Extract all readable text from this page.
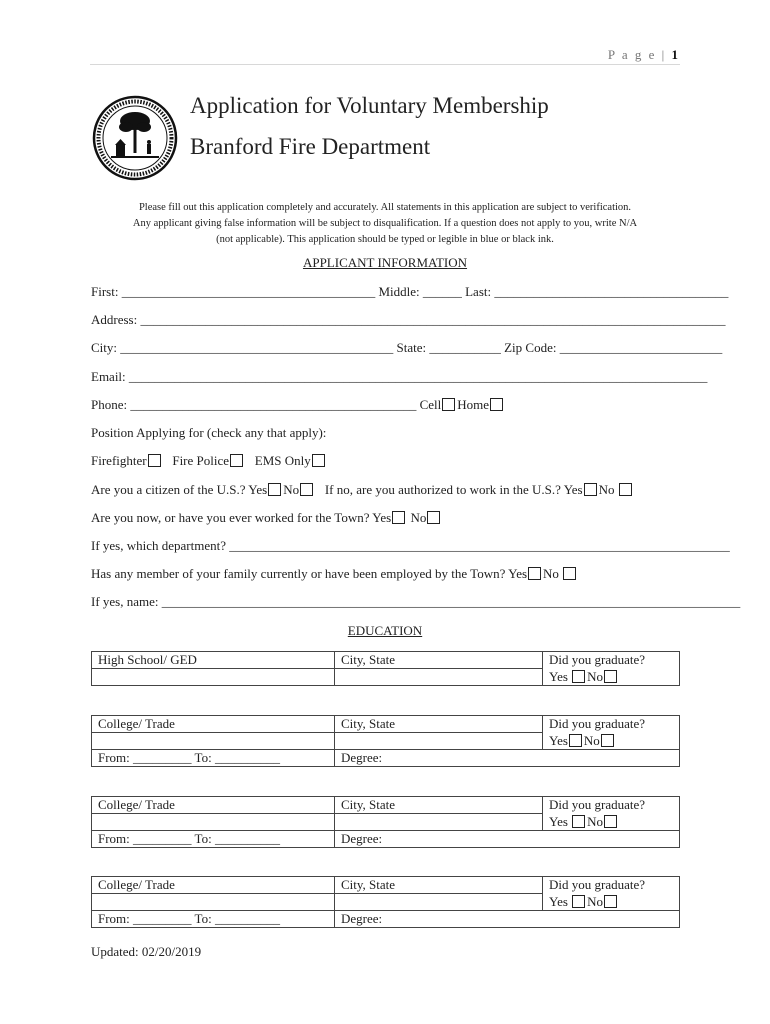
P a g e | 1
Application for Voluntary Membership
Branford Fire Department
Please fill out this application completely and accurately. All statements in this application are subject to verification.
Any applicant giving false information will be subject to disqualification. If a question does not apply to you, write N/A
(not applicable). This application should be typed or legible in blue or black ink.
APPLICANT INFORMATION
First: _______________________________________ Middle: ______ Last: ____________________________________
Address: __________________________________________________________________________________________
City: __________________________________________ State: ___________ Zip Code: _________________________
Email: _________________________________________________________________________________________
Phone: ____________________________________________ Cell Home
Position Applying for (check any that apply):
Firefighter Fire Police EMS Only
Are you a citizen of the U.S.? Yes No If no, are you authorized to work in the U.S.? Yes No
Are you now, or have you ever worked for the Town? Yes No
If yes, which department? _____________________________________________________________________________
Has any member of your family currently or have been employed by the Town? Yes No
If yes, name: _________________________________________________________________________________________
EDUCATION
High School/ GED	City, State	Did you graduate?
		Yes No
College/ Trade	City, State	Did you graduate?
		Yes No
From: _________ To: __________	Degree:	
College/ Trade	City, State	Did you graduate?
		Yes No
From: _________ To: __________	Degree:	
College/ Trade	City, State	Did you graduate?
		Yes No
From: _________ To: __________	Degree:	
Updated: 02/20/2019
